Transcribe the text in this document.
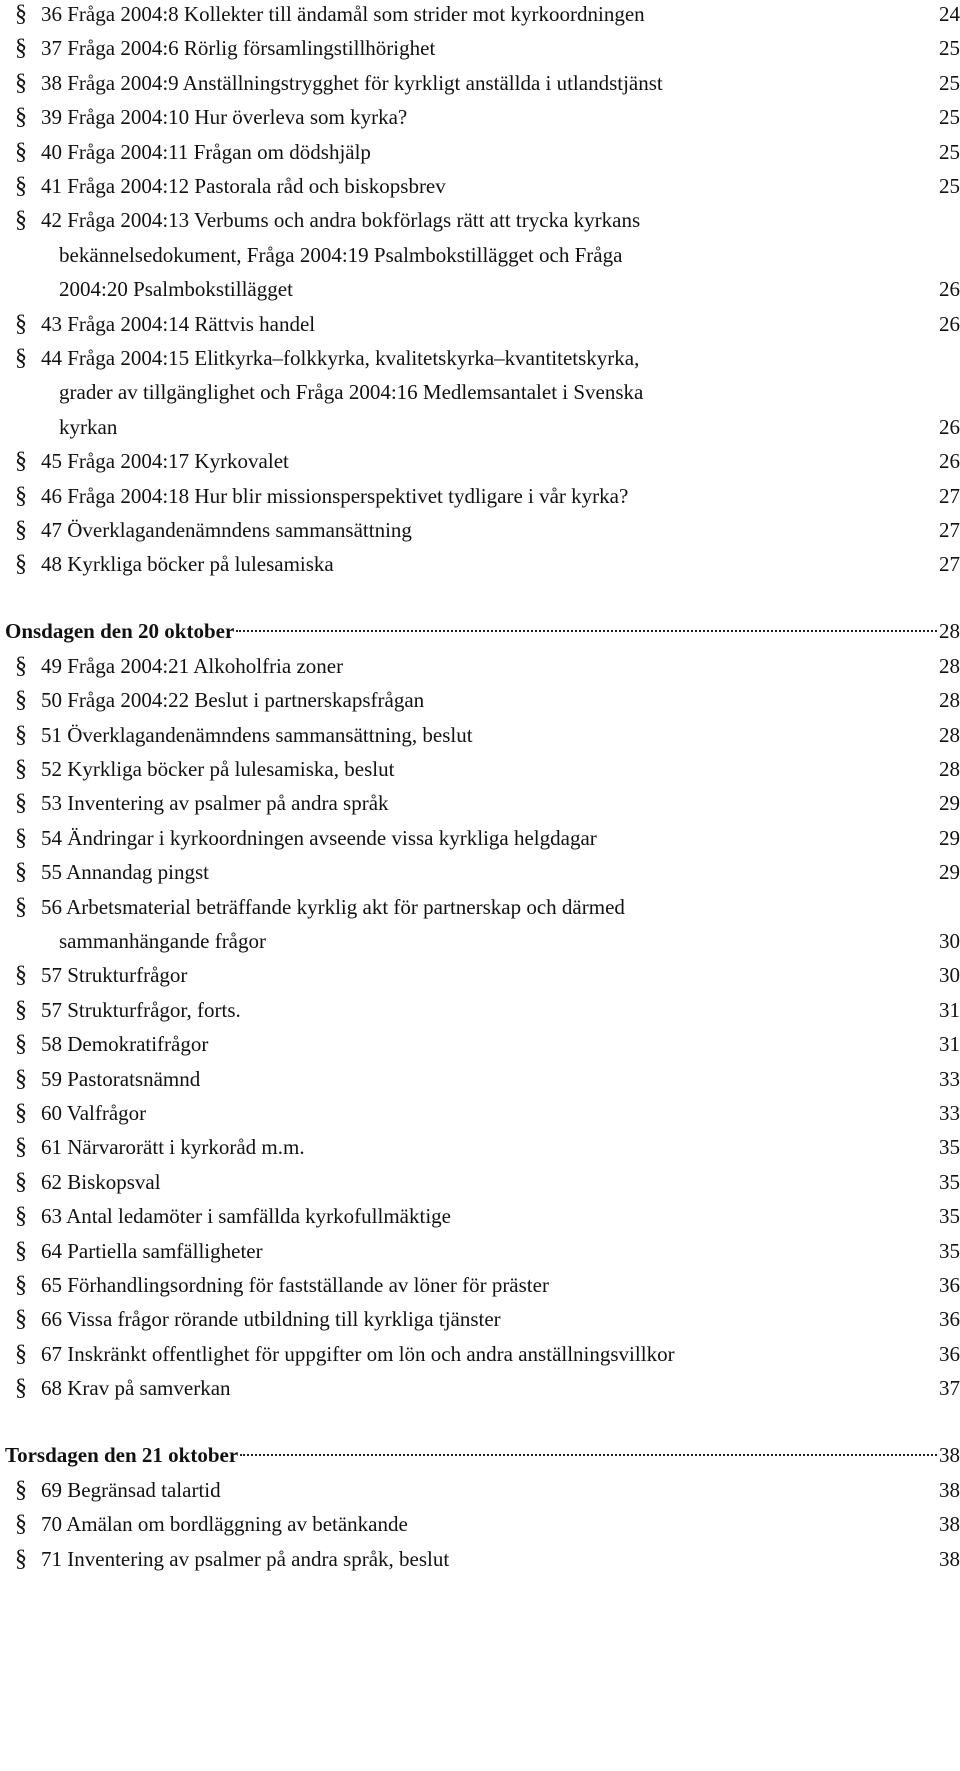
§ 36 Fråga 2004:8 Kollekter till ändamål som strider mot kyrkoordningen	24
§ 37 Fråga 2004:6 Rörlig församlingstillhörighet	25
§ 38 Fråga 2004:9 Anställningstrygghet för kyrkligt anställda i utlandstjänst	25
§ 39 Fråga 2004:10 Hur överleva som kyrka?	25
§ 40 Fråga 2004:11 Frågan om dödshjälp	25
§ 41 Fråga 2004:12 Pastorala råd och biskopsbrev	25
§ 42 Fråga 2004:13 Verbums och andra bokförlags rätt att trycka kyrkans
bekännelsedokument, Fråga 2004:19 Psalmbokstillägget och Fråga
2004:20 Psalmbokstillägget	26
§ 43 Fråga 2004:14 Rättvis handel	26
§ 44 Fråga 2004:15 Elitkyrka–folkkyrka, kvalitetskyrka–kvantitetskyrka,
grader av tillgänglighet och Fråga 2004:16 Medlemsantalet i Svenska
kyrkan	26
§ 45 Fråga 2004:17 Kyrkovalet	26
§ 46 Fråga 2004:18 Hur blir missionsperspektivet tydligare i vår kyrka?	27
§ 47 Överklagandenämndens sammansättning	27
§ 48 Kyrkliga böcker på lulesamiska	27
Onsdagen den 20 oktober	28
§ 49 Fråga 2004:21 Alkoholfria zoner	28
§ 50 Fråga 2004:22 Beslut i partnerskapsfrågan	28
§ 51 Överklagandenämndens sammansättning, beslut	28
§ 52 Kyrkliga böcker på lulesamiska, beslut	28
§ 53 Inventering av psalmer på andra språk	29
§ 54 Ändringar i kyrkoordningen avseende vissa kyrkliga helgdagar	29
§ 55 Annandag pingst	29
§ 56 Arbetsmaterial beträffande kyrklig akt för partnerskap och därmed
sammanhängande frågor	30
§ 57 Strukturfrågor	30
§ 57 Strukturfrågor, forts.	31
§ 58 Demokratifrågor	31
§ 59 Pastoratsnämnd	33
§ 60 Valfrågor	33
§ 61 Närvarorätt i kyrkoråd m.m.	35
§ 62 Biskopsval	35
§ 63 Antal ledamöter i samfällda kyrkofullmäktige	35
§ 64 Partiella samfälligheter	35
§ 65 Förhandlingsordning för fastställande av löner för präster	36
§ 66 Vissa frågor rörande utbildning till kyrkliga tjänster	36
§ 67 Inskränkt offentlighet för uppgifter om lön och andra anställningsvillkor	36
§ 68 Krav på samverkan	37
Torsdagen den 21 oktober	38
§ 69 Begränsad talartid	38
§ 70 Amälan om bordläggning av betänkande	38
§ 71 Inventering av psalmer på andra språk, beslut	38
